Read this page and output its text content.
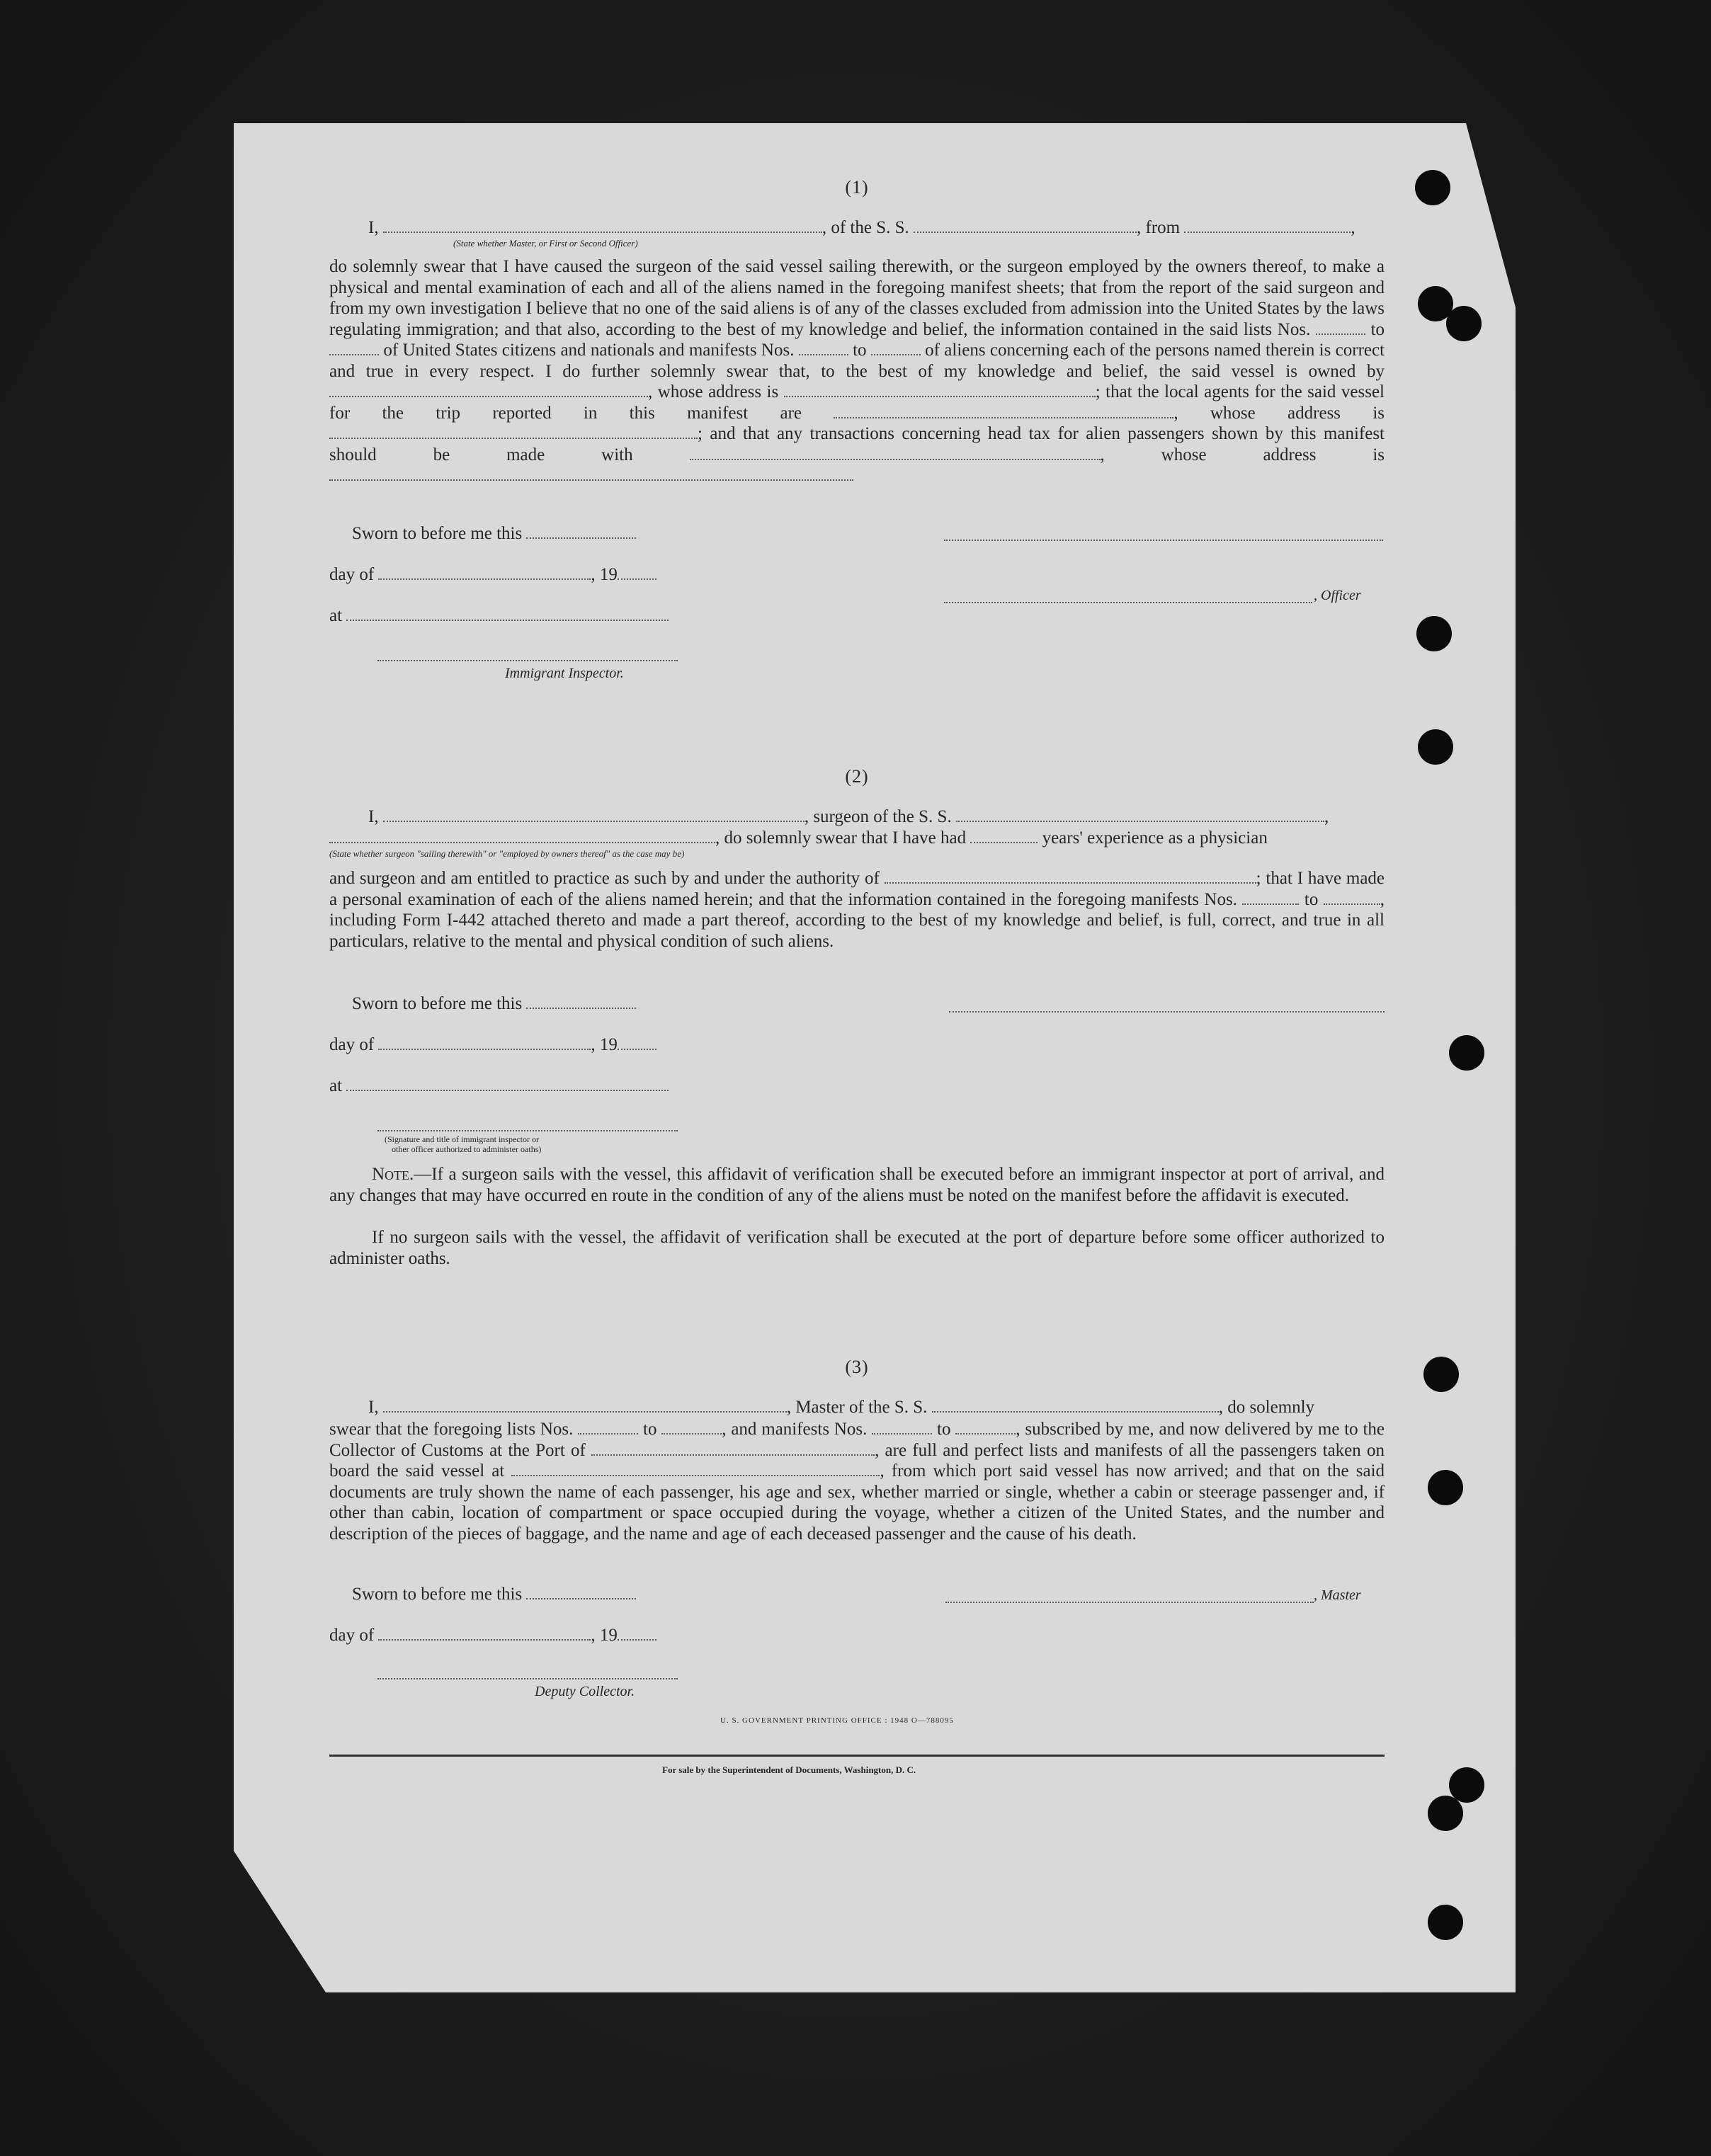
(1)
I,	, of the S. S.	, from	,
(State whether Master, or First or Second Officer)
do solemnly swear that I have caused the surgeon of the said vessel sailing therewith, or the surgeon employed by the owners thereof, to make a physical and mental examination of each and all of the aliens named in the foregoing manifest sheets; that from the report of the said surgeon and from my own investigation I believe that no one of the said aliens is of any of the classes excluded from admission into the United States by the laws regulating immigration; and that also, according to the best of my knowledge and belief, the information contained in the said lists Nos.	to  of United States citizens and nationals and manifests Nos.	to	of aliens concerning each of the persons named therein is correct and true in every respect. I do further solemnly swear that, to the best of my knowledge and belief, the said vessel is owned by , whose address is	; that the local agents for the said vessel for the trip reported in this manifest are	, whose address is ; and that any transactions concerning head tax for alien passengers shown by this manifest should be made with	, whose address is
Sworn to before me this
day of	, 19
at
Immigrant Inspector.
, Officer
(2)
I,	, surgeon of the S. S.	,
, do solemnly swear that I have had	years' experience as a physician
(State whether surgeon "sailing therewith" or "employed by owners thereof" as the case may be)
and surgeon and am entitled to practice as such by and under the authority of	; that I have made a personal examination of each of the aliens named herein; and that the information contained in the foregoing manifests Nos.	to	, including Form I-442 attached thereto and made a part thereof, according to the best of my knowledge and belief, is full, correct, and true in all particulars, relative to the mental and physical condition of such aliens.
Sworn to before me this
day of	, 19
at
(Signature and title of immigrant inspector or
other officer authorized to administer oaths)
Note.—If a surgeon sails with the vessel, this affidavit of verification shall be executed before an immigrant inspector at port of arrival, and any changes that may have occurred en route in the condition of any of the aliens must be noted on the manifest before the affidavit is executed.
If no surgeon sails with the vessel, the affidavit of verification shall be executed at the port of departure before some officer authorized to administer oaths.
(3)
I,	, Master of the S. S.	, do solemnly
swear that the foregoing lists Nos.	to	, and manifests Nos.	to	, subscribed by me, and now delivered by me to the Collector of Customs at the Port of	, are full and perfect lists and manifests of all the passengers taken on board the said vessel at	, from which port said vessel has now arrived; and that on the said documents are truly shown the name of each passenger, his age and sex, whether married or single, whether a cabin or steerage passenger and, if other than cabin, location of compartment or space occupied during the voyage, whether a citizen of the United States, and the number and description of the pieces of baggage, and the name and age of each deceased passenger and the cause of his death.
Sworn to before me this
day of	, 19
Deputy Collector.
, Master
U. S. GOVERNMENT PRINTING OFFICE : 1948 O—788095
For sale by the Superintendent of Documents, Washington, D. C.
